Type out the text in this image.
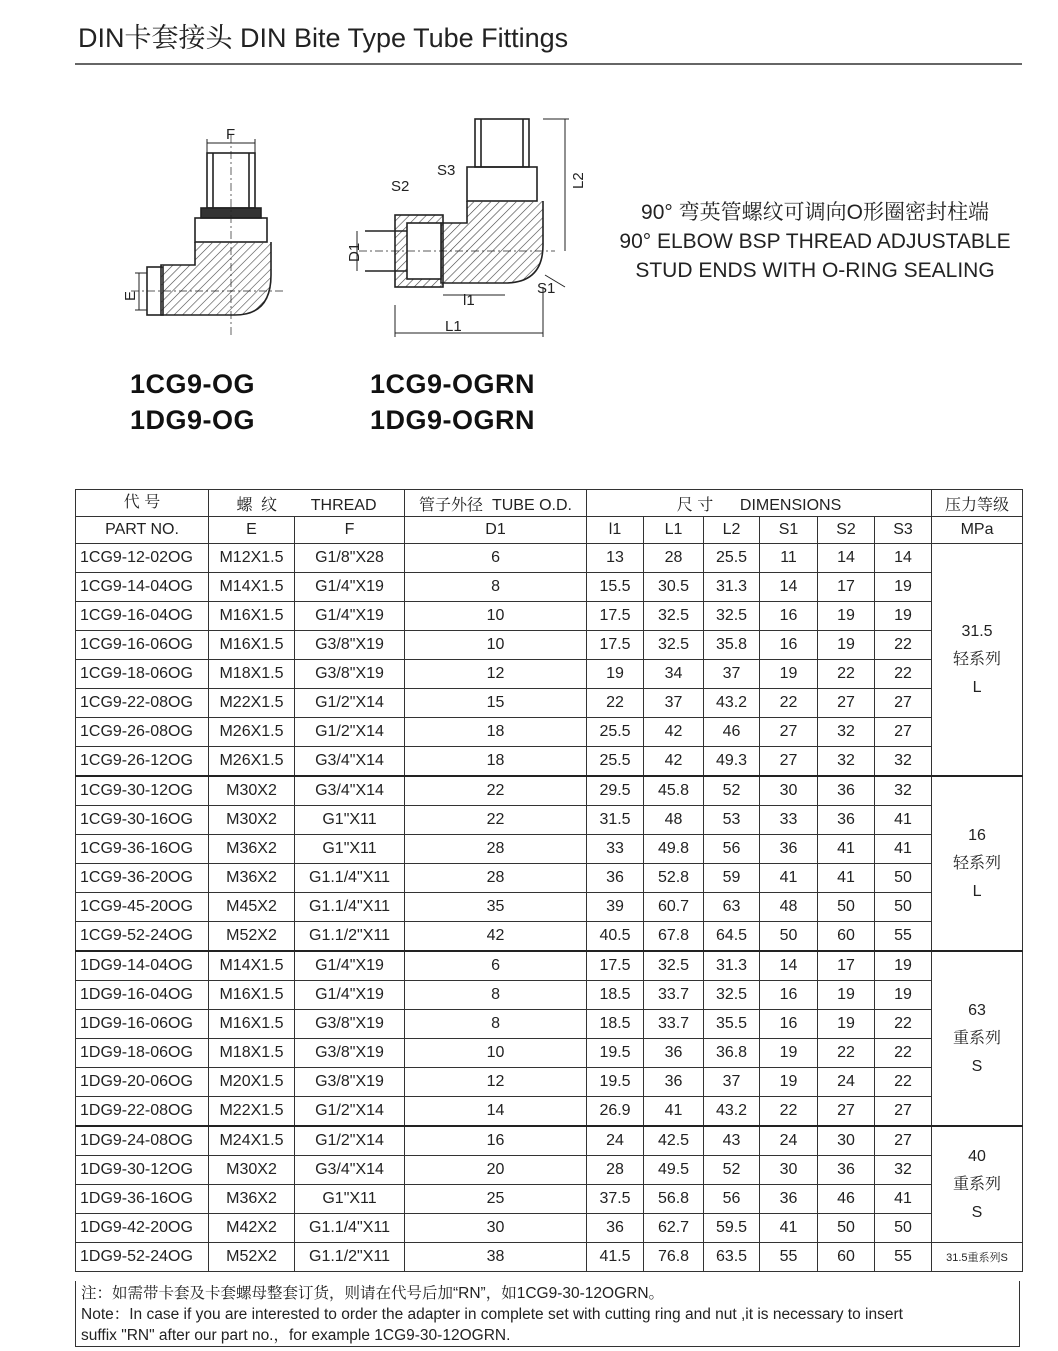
DIN卡套接头 DIN Bite Type Tube Fittings
F
E
S3
S2
D1
L2
S1
l1
L1
1CG9-OG
1DG9-OG
1CG9-OGRN
1DG9-OGRN
90° 弯英管螺纹可调向O形圈密封柱端
90° ELBOW BSP THREAD ADJUSTABLE
STUD ENDS WITH O-RING SEALING
代 号	螺 纹 THREAD		管子外径 TUBE O.D.	尺 寸 DIMENSIONS						压力等级
PART NO.	E	F	D1	l1	L1	L2	S1	S2	S3	MPa
1CG9-12-02OG	M12X1.5	G1/8"X28	6	13	28	25.5	11	14	14	31.5
轻系列
L

1CG9-14-04OG	M14X1.5	G1/4"X19	8	15.5	30.5	31.3	14	17	19	
1CG9-16-04OG	M16X1.5	G1/4"X19	10	17.5	32.5	32.5	16	19	19	
1CG9-16-06OG	M16X1.5	G3/8"X19	10	17.5	32.5	35.8	16	19	22	
1CG9-18-06OG	M18X1.5	G3/8"X19	12	19	34	37	19	22	22	
1CG9-22-08OG	M22X1.5	G1/2"X14	15	22	37	43.2	22	27	27	
1CG9-26-08OG	M26X1.5	G1/2"X14	18	25.5	42	46	27	32	27	
1CG9-26-12OG	M26X1.5	G3/4"X14	18	25.5	42	49.3	27	32	32	
1CG9-30-12OG	M30X2	G3/4"X14	22	29.5	45.8	52	30	36	32	16
轻系列
L

1CG9-30-16OG	M30X2	G1"X11	22	31.5	48	53	33	36	41	
1CG9-36-16OG	M36X2	G1"X11	28	33	49.8	56	36	41	41	
1CG9-36-20OG	M36X2	G1.1/4"X11	28	36	52.8	59	41	41	50	
1CG9-45-20OG	M45X2	G1.1/4"X11	35	39	60.7	63	48	50	50	
1CG9-52-24OG	M52X2	G1.1/2"X11	42	40.5	67.8	64.5	50	60	55	
1DG9-14-04OG	M14X1.5	G1/4"X19	6	17.5	32.5	31.3	14	17	19	63
重系列
S

1DG9-16-04OG	M16X1.5	G1/4"X19	8	18.5	33.7	32.5	16	19	19	
1DG9-16-06OG	M16X1.5	G3/8"X19	8	18.5	33.7	35.5	16	19	22	
1DG9-18-06OG	M18X1.5	G3/8"X19	10	19.5	36	36.8	19	22	22	
1DG9-20-06OG	M20X1.5	G3/8"X19	12	19.5	36	37	19	24	22	
1DG9-22-08OG	M22X1.5	G1/2"X14	14	26.9	41	43.2	22	27	27	
1DG9-24-08OG	M24X1.5	G1/2"X14	16	24	42.5	43	24	30	27	40
重系列
S

1DG9-30-12OG	M30X2	G3/4"X14	20	28	49.5	52	30	36	32	
1DG9-36-16OG	M36X2	G1"X11	25	37.5	56.8	56	36	46	41	
1DG9-42-20OG	M42X2	G1.1/4"X11	30	36	62.7	59.5	41	50	50	
1DG9-52-24OG	M52X2	G1.1/2"X11	38	41.5	76.8	63.5	55	60	55	31.5重系列S
注：如需带卡套及卡套螺母整套订货，则请在代号后加“RN”，如1CG9-30-12OGRN。
Note：In case if you are interested to order the adapter in complete set with cutting ring and nut ,it is necessary to insert
suffix "RN" after our part no.，for example 1CG9-30-12OGRN.
